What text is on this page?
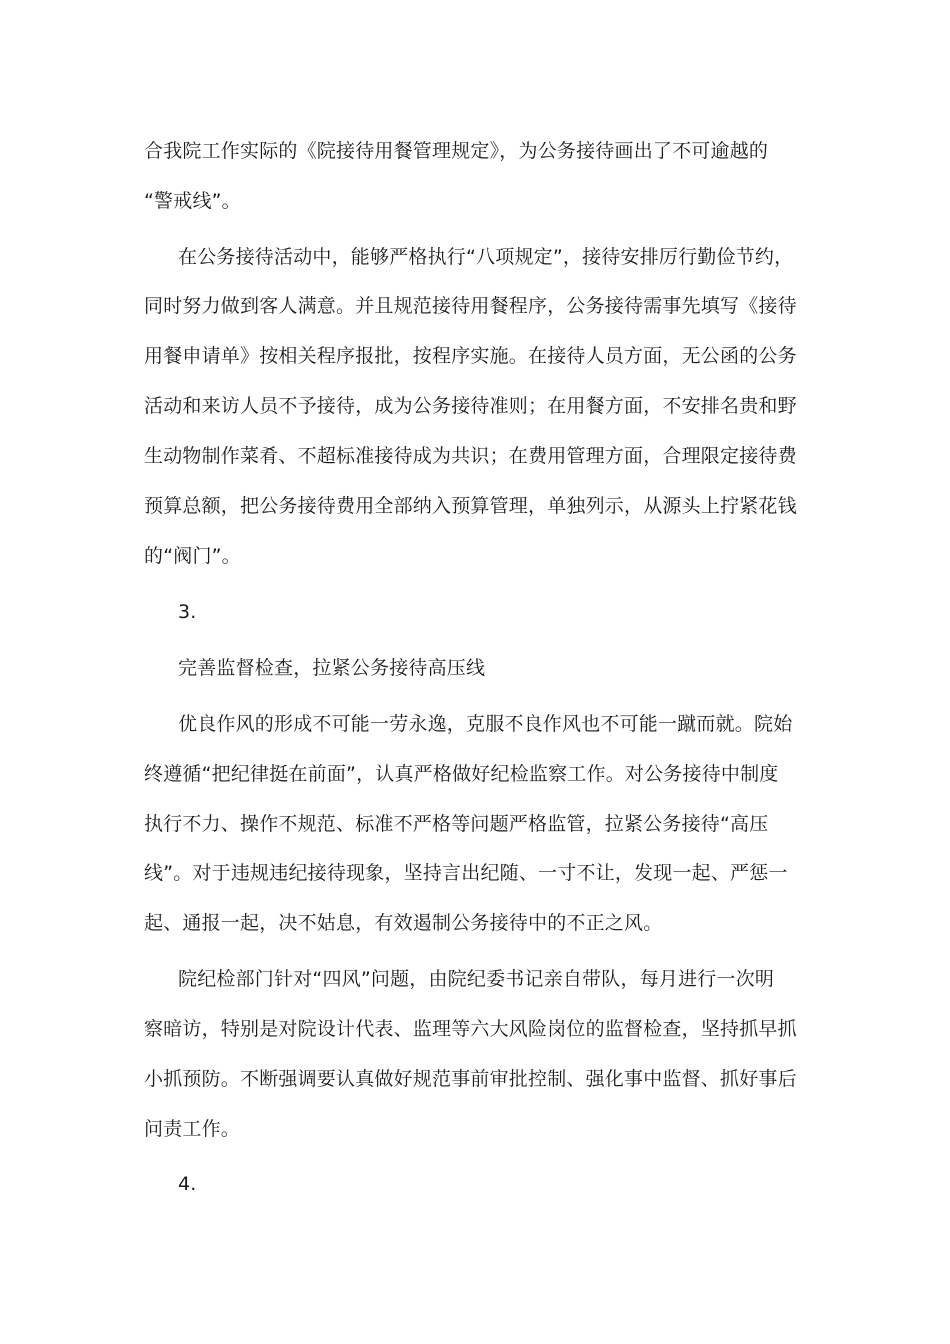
合我院工作实际的《院接待用餐管理规定》，为公务接待画出了不可逾越的
“警戒线”。
在公务接待活动中，能够严格执行“八项规定”，接待安排厉行勤俭节约，
同时努力做到客人满意。并且规范接待用餐程序，公务接待需事先填写《接待
用餐申请单》按相关程序报批，按程序实施。在接待人员方面，无公函的公务
活动和来访人员不予接待，成为公务接待准则；在用餐方面，不安排名贵和野
生动物制作菜肴、不超标准接待成为共识；在费用管理方面，合理限定接待费
预算总额，把公务接待费用全部纳入预算管理，单独列示，从源头上拧紧花钱
的“阀门”。
3.
完善监督检查，拉紧公务接待高压线
优良作风的形成不可能一劳永逸，克服不良作风也不可能一蹴而就。院始
终遵循“把纪律挺在前面”，认真严格做好纪检监察工作。对公务接待中制度
执行不力、操作不规范、标准不严格等问题严格监管，拉紧公务接待“高压
线”。对于违规违纪接待现象，坚持言出纪随、一寸不让，发现一起、严惩一
起、通报一起，决不姑息，有效遏制公务接待中的不正之风。
院纪检部门针对“四风”问题，由院纪委书记亲自带队，每月进行一次明
察暗访，特别是对院设计代表、监理等六大风险岗位的监督检查，坚持抓早抓
小抓预防。不断强调要认真做好规范事前审批控制、强化事中监督、抓好事后
问责工作。
4.
